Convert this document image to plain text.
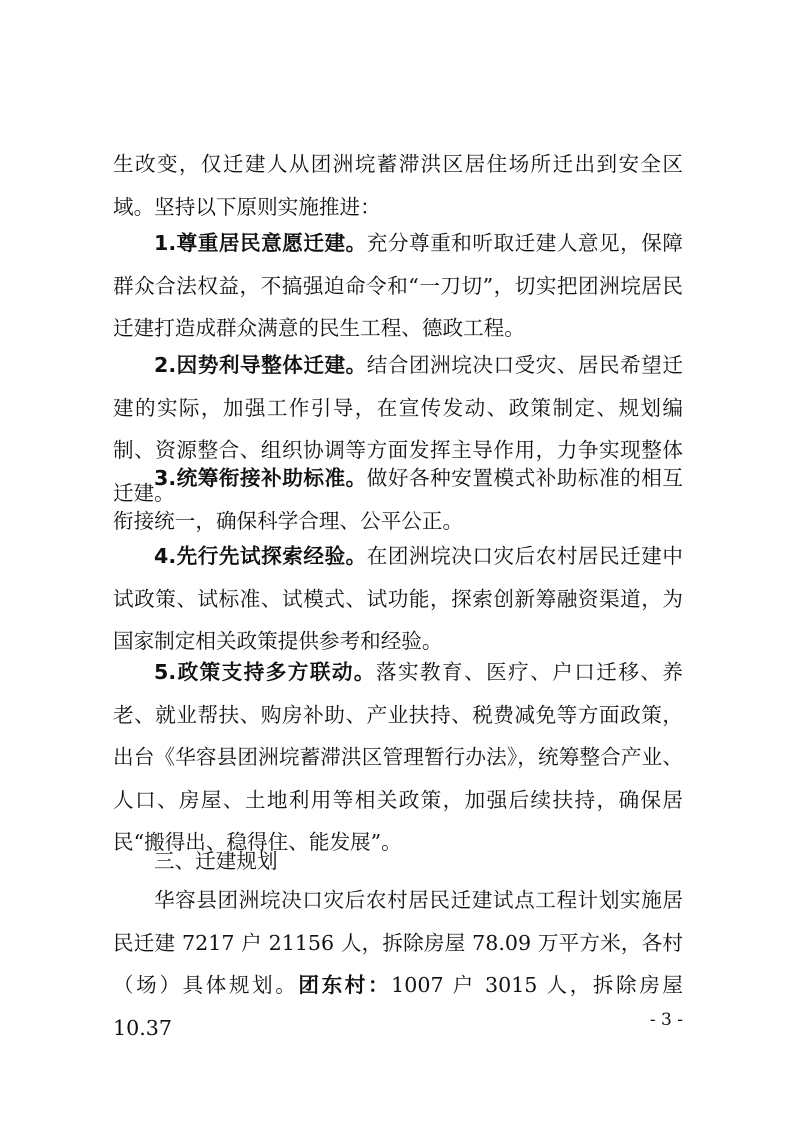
生改变，仅迁建人从团洲垸蓄滞洪区居住场所迁出到安全区域。坚持以下原则实施推进：

1.尊重居民意愿迁建。充分尊重和听取迁建人意见，保障群众合法权益，不搞强迫命令和“一刀切”，切实把团洲垸居民迁建打造成群众满意的民生工程、德政工程。

2.因势利导整体迁建。结合团洲垸决口受灾、居民希望迁建的实际，加强工作引导，在宣传发动、政策制定、规划编制、资源整合、组织协调等方面发挥主导作用，力争实现整体迁建。

3.统筹衔接补助标准。做好各种安置模式补助标准的相互衔接统一，确保科学合理、公平公正。

4.先行先试探索经验。在团洲垸决口灾后农村居民迁建中试政策、试标准、试模式、试功能，探索创新筹融资渠道，为国家制定相关政策提供参考和经验。

5.政策支持多方联动。落实教育、医疗、户口迁移、养老、就业帮扶、购房补助、产业扶持、税费减免等方面政策，出台《华容县团洲垸蓄滞洪区管理暂行办法》，统筹整合产业、人口、房屋、土地利用等相关政策，加强后续扶持，确保居民“搬得出、稳得住、能发展”。

三、迁建规划

华容县团洲垸决口灾后农村居民迁建试点工程计划实施居民迁建 7217 户 21156 人，拆除房屋 78.09 万平方米，各村（场）具体规划。团东村：1007 户 3015 人，拆除房屋 10.37	- 3 -
